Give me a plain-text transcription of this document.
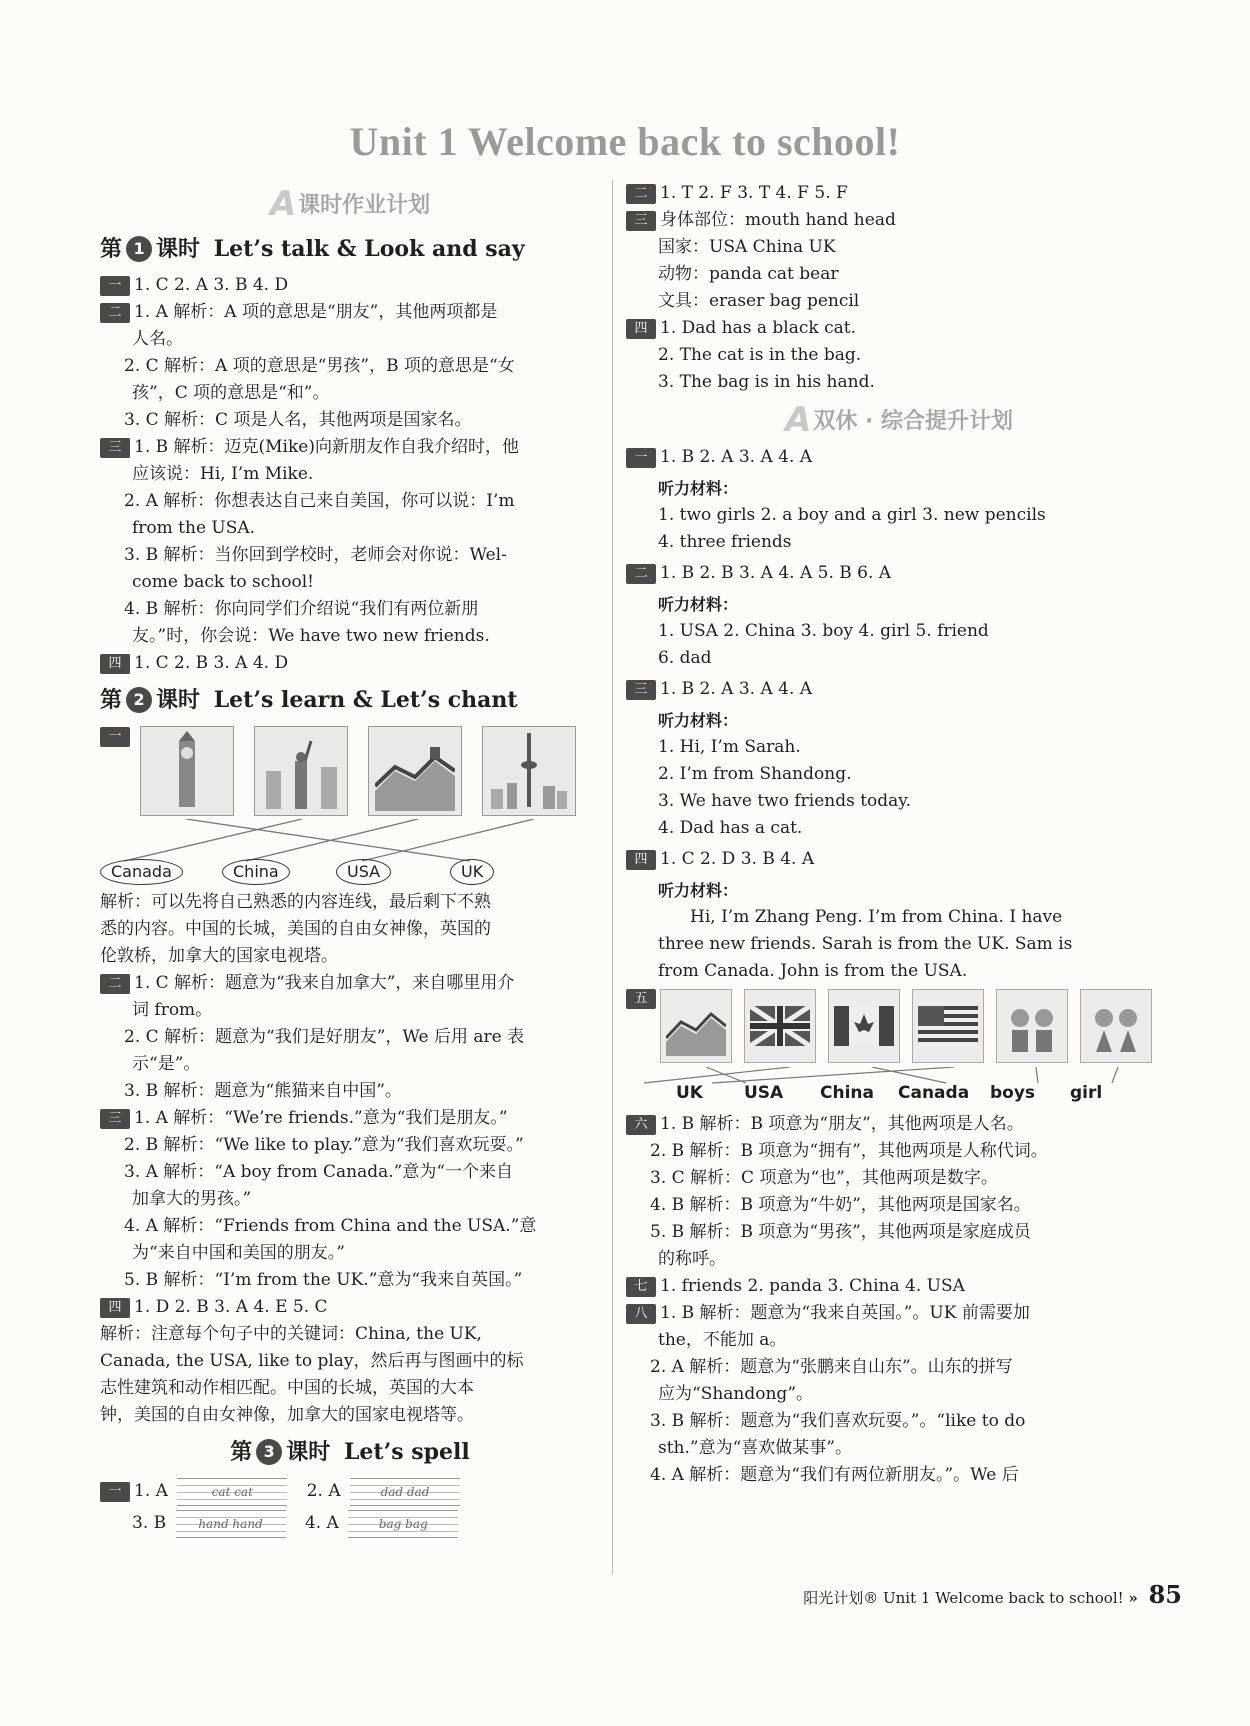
Unit 1 Welcome back to school!
A课时作业计划
第 1 课时 Let’s talk & Look and say
一 1. C 2. A 3. B 4. D
二 1. A 解析：A 项的意思是“朋友”，其他两项都是
人名。
2. C 解析：A 项的意思是“男孩”，B 项的意思是“女
孩”，C 项的意思是“和”。
3. C 解析：C 项是人名，其他两项是国家名。
三 1. B 解析：迈克(Mike)向新朋友作自我介绍时，他
应该说：Hi, I’m Mike.
2. A 解析：你想表达自己来自美国，你可以说：I’m
from the USA.
3. B 解析：当你回到学校时，老师会对你说：Wel-
come back to school!
4. B 解析：你向同学们介绍说“我们有两位新朋
友。”时，你会说：We have two new friends.
四 1. C 2. B 3. A 4. D
第 2 课时 Let’s learn & Let’s chant
一
Canada	China	USA	UK
解析：可以先将自己熟悉的内容连线，最后剩下不熟
悉的内容。中国的长城，美国的自由女神像，英国的
伦敦桥，加拿大的国家电视塔。
二 1. C 解析：题意为“我来自加拿大”，来自哪里用介
词 from。
2. C 解析：题意为“我们是好朋友”，We 后用 are 表
示“是”。
3. B 解析：题意为“熊猫来自中国”。
三 1. A 解析：“We’re friends.”意为“我们是朋友。”
2. B 解析：“We like to play.”意为“我们喜欢玩耍。”
3. A 解析：“A boy from Canada.”意为“一个来自
加拿大的男孩。”
4. A 解析：“Friends from China and the USA.”意
为“来自中国和美国的朋友。”
5. B 解析：“I’m from the UK.”意为“我来自英国。”
四 1. D 2. B 3. A 4. E 5. C
解析：注意每个句子中的关键词：China, the UK,
Canada, the USA, like to play，然后再与图画中的标
志性建筑和动作相匹配。中国的长城，英国的大本
钟，美国的自由女神像，加拿大的国家电视塔等。
第 3 课时 Let’s spell
一 1. A	cat cat	2. A	dad dad
3. B	hand hand 4. A	bag bag
二 1. T 2. F 3. T 4. F 5. F
三 身体部位：mouth hand head
国家：USA China UK
动物：panda cat bear
文具：eraser bag pencil
四 1. Dad has a black cat.
2. The cat is in the bag.
3. The bag is in his hand.
A双休 · 综合提升计划
一 1. B 2. A 3. A 4. A
听力材料：
1. two girls 2. a boy and a girl 3. new pencils
4. three friends
二 1. B 2. B 3. A 4. A 5. B 6. A
听力材料：
1. USA 2. China 3. boy 4. girl 5. friend
6. dad
三 1. B 2. A 3. A 4. A
听力材料：
1. Hi, I’m Sarah.
2. I’m from Shandong.
3. We have two friends today.
4. Dad has a cat.
四 1. C 2. D 3. B 4. A
听力材料：
Hi, I’m Zhang Peng. I’m from China. I have
three new friends. Sarah is from the UK. Sam is
from Canada. John is from the USA.
五
UK USA China Canada boys girl
六 1. B 解析：B 项意为“朋友”，其他两项是人名。
2. B 解析：B 项意为“拥有”，其他两项是人称代词。
3. C 解析：C 项意为“也”，其他两项是数字。
4. B 解析：B 项意为“牛奶”，其他两项是国家名。
5. B 解析：B 项意为“男孩”，其他两项是家庭成员
的称呼。
七 1. friends 2. panda 3. China 4. USA
八 1. B 解析：题意为“我来自英国。”。UK 前需要加
the，不能加 a。
2. A 解析：题意为“张鹏来自山东”。山东的拼写
应为“Shandong”。
3. B 解析：题意为“我们喜欢玩耍。”。“like to do
sth.”意为“喜欢做某事”。
4. A 解析：题意为“我们有两位新朋友。”。We 后
阳光计划® Unit 1 Welcome back to school! » 85
